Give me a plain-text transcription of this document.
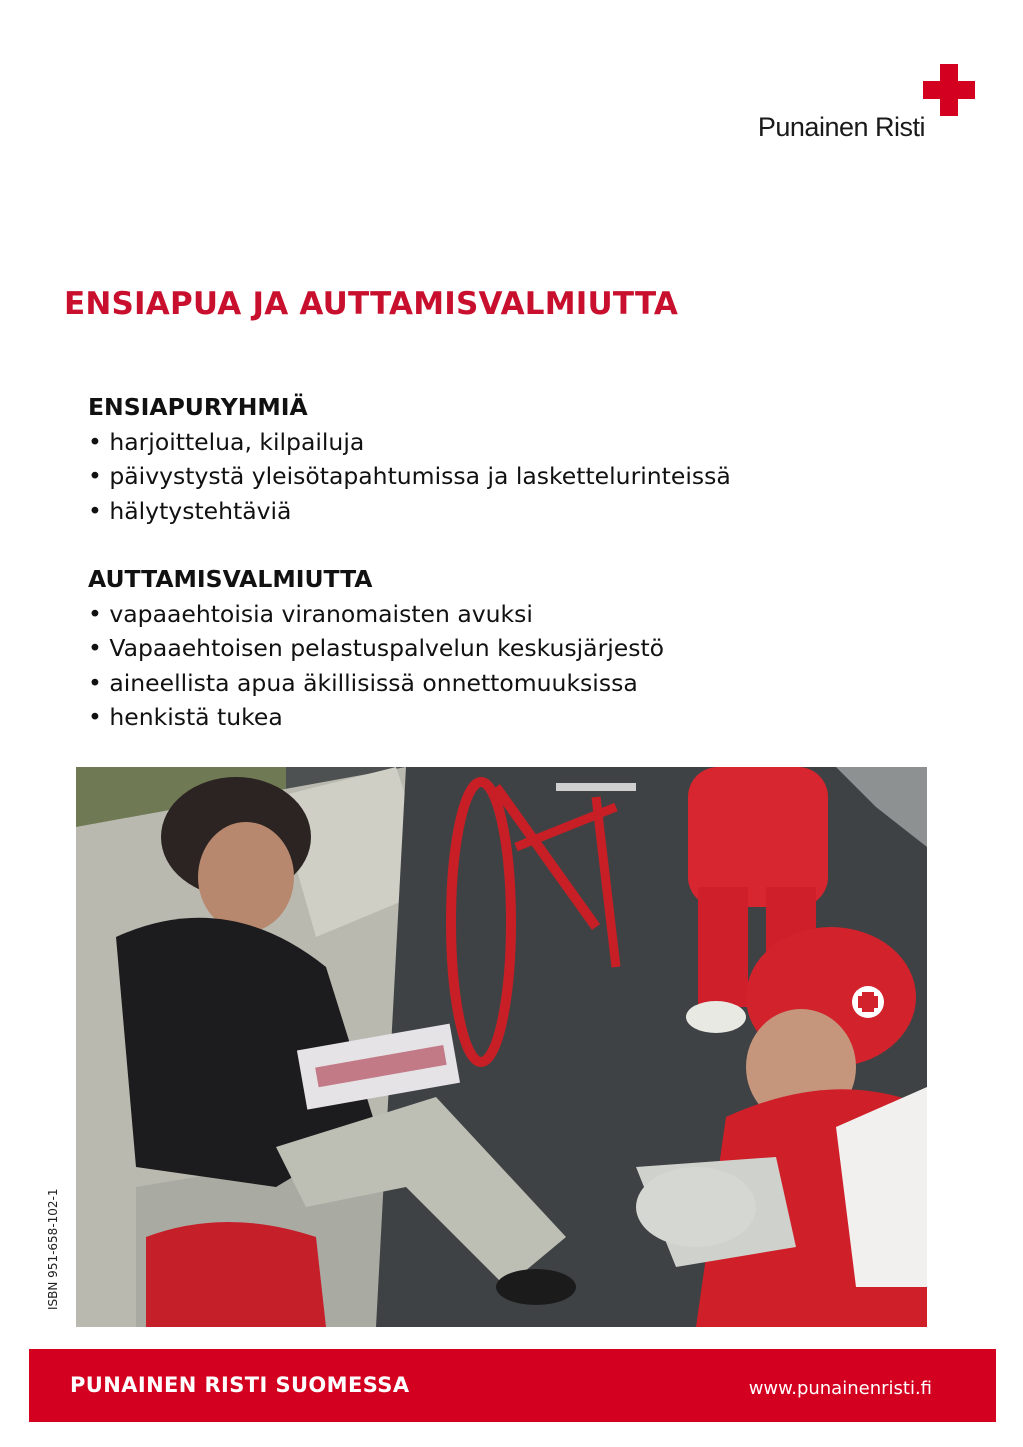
Punainen Risti
ENSIAPUA JA AUTTAMISVALMIUTTA
ENSIAPURYHMIÄ
• harjoittelua, kilpailuja
• päivystystä yleisötapahtumissa ja laskettelurinteissä
• hälytystehtäviä
AUTTAMISVALMIUTTA
• vapaaehtoisia viranomaisten avuksi
• Vapaaehtoisen pelastuspalvelun keskusjärjestö
• aineellista apua äkillisissä onnettomuuksissa
• henkistä tukea
ISBN 951-658-102-1
PUNAINEN RISTI SUOMESSA	www.punainenristi.fi
